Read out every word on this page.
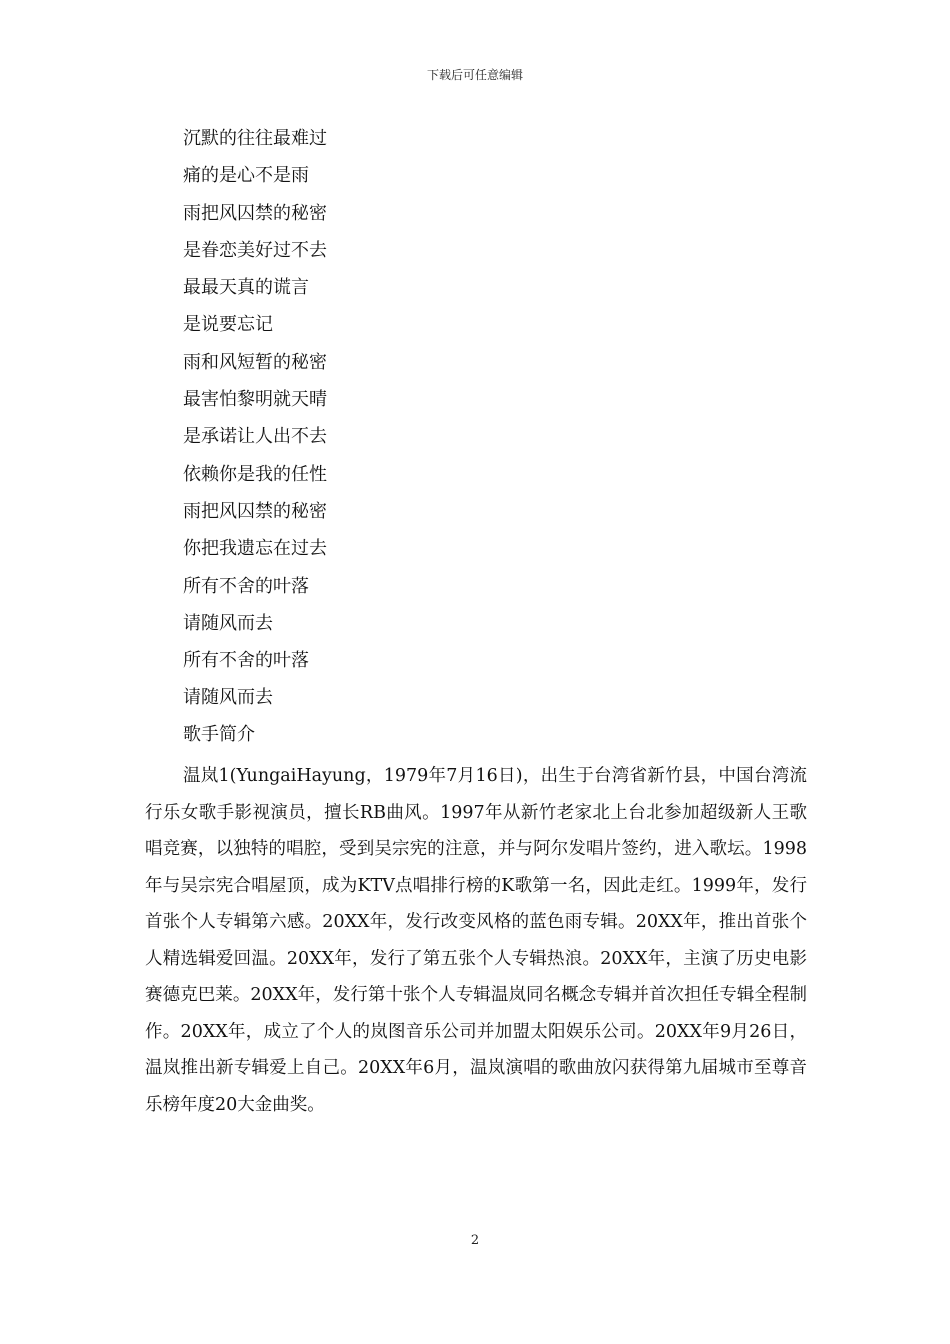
下载后可任意编辑
沉默的往往最难过
痛的是心不是雨
雨把风囚禁的秘密
是眷恋美好过不去
最最天真的谎言
是说要忘记
雨和风短暂的秘密
最害怕黎明就天晴
是承诺让人出不去
依赖你是我的任性
雨把风囚禁的秘密
你把我遗忘在过去
所有不舍的叶落
请随风而去
所有不舍的叶落
请随风而去
歌手简介

温岚1(YungaiHayung，1979年7月16日)，出生于台湾省新竹县，中国台湾流行乐女歌手影视演员，擅长RB曲风。1997年从新竹老家北上台北参加超级新人王歌唱竞赛，以独特的唱腔，受到吴宗宪的注意，并与阿尔发唱片签约，进入歌坛。1998年与吴宗宪合唱屋顶，成为KTV点唱排行榜的K歌第一名，因此走红。1999年，发行首张个人专辑第六感。20XX年，发行改变风格的蓝色雨专辑。20XX年，推出首张个人精选辑爱回温。20XX年，发行了第五张个人专辑热浪。20XX年，主演了历史电影赛德克巴莱。20XX年，发行第十张个人专辑温岚同名概念专辑并首次担任专辑全程制作。20XX年，成立了个人的岚图音乐公司并加盟太阳娱乐公司。20XX年9月26日，温岚推出新专辑爱上自己。20XX年6月，温岚演唱的歌曲放闪获得第九届城市至尊音乐榜年度20大金曲奖。

2
